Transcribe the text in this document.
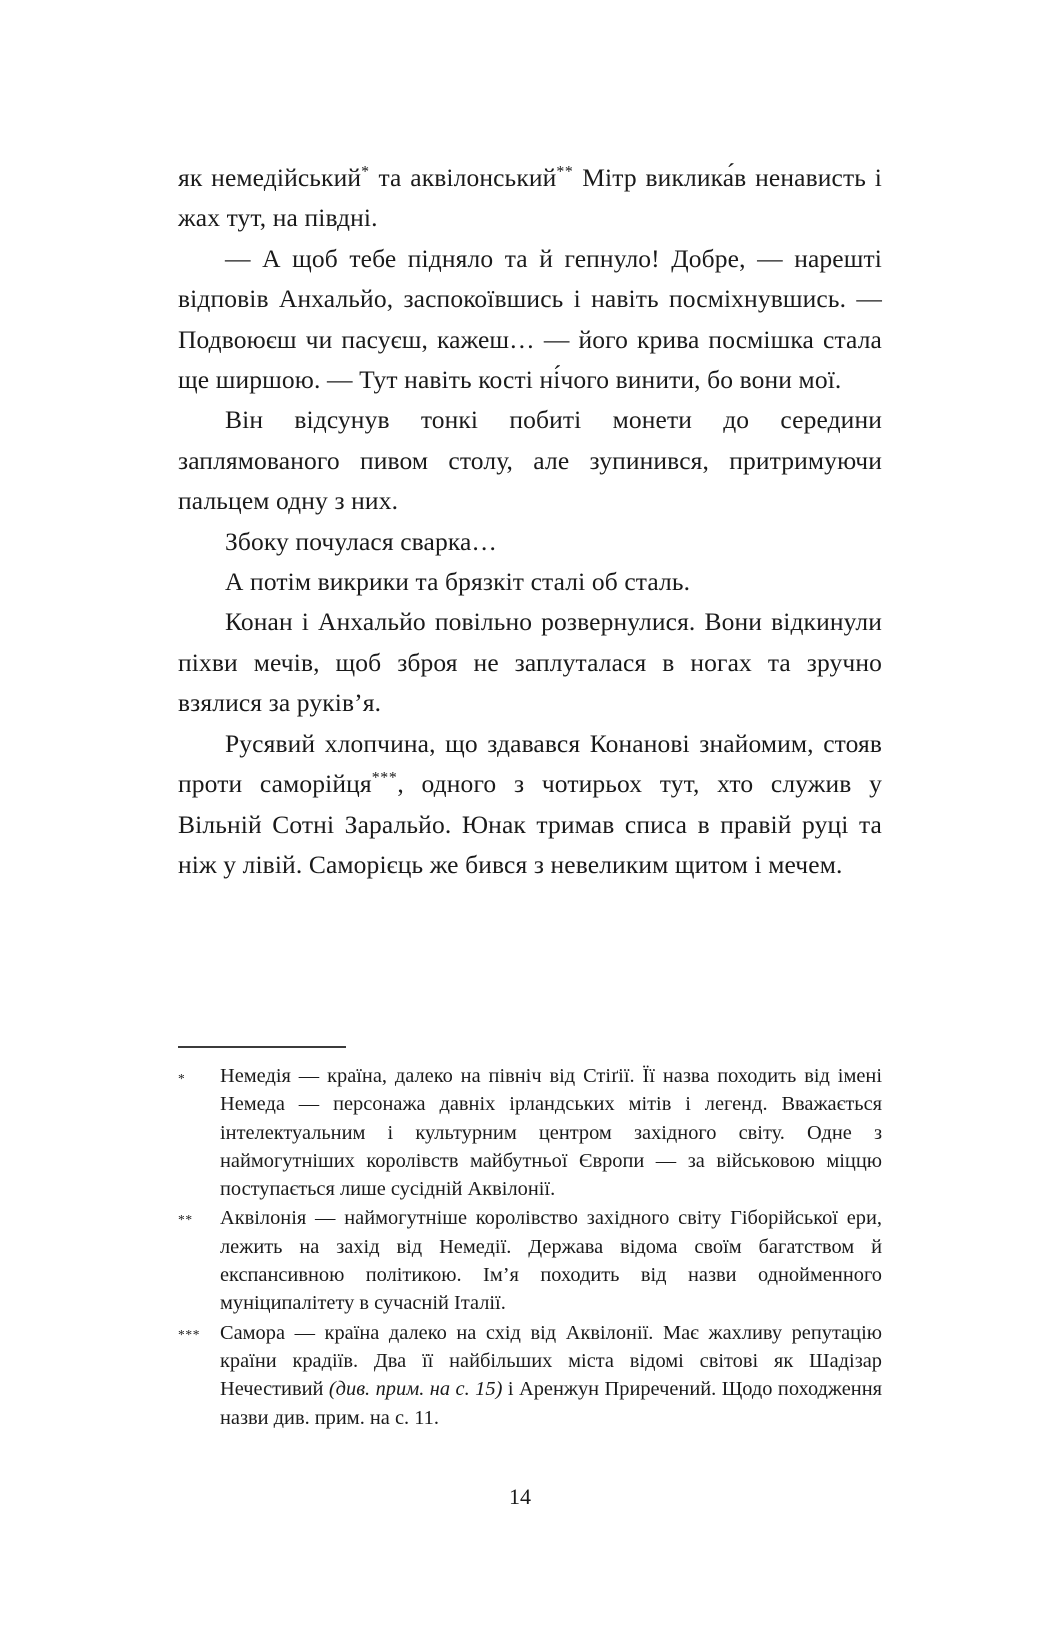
як немедійський* та аквілонський** Мітр виклика́в ненависть і жах тут, на півдні.

— А щоб тебе підняло та й гепнуло! Добре, — нарешті відповів Анхальйо, заспокоївшись і навіть посміхнувшись. — Подвоюєш чи пасуєш, кажеш… — його крива посмішка стала ще ширшою. — Тут навіть кості ні́чого винити, бо вони мої.

Він відсунув тонкі побиті монети до середини заплямованого пивом столу, але зупинився, притримуючи пальцем одну з них.

Збоку почулася сварка…

А потім викрики та брязкіт сталі об сталь.

Конан і Анхальйо повільно розвернулися. Вони відкинули піхви мечів, щоб зброя не заплуталася в ногах та зручно взялися за руків’я.

Русявий хлопчина, що здавався Конанові знайомим, стояв проти саморійця***, одного з чотирьох тут, хто служив у Вільній Сотні Заральйо. Юнак тримав списа в правій руці та ніж у лівій. Саморієць же бився з невеликим щитом і мечем.

*	Немедія — країна, далеко на північ від Стіґії. Її назва походить від імені Немеда — персонажа давніх ірландських мітів і легенд. Вважається інтелектуальним і культурним центром західного світу. Одне з наймогутніших королівств майбутньої Європи — за військовою міццю поступається лише сусідній Аквілонії.
**	Аквілонія — наймогутніше королівство західного світу Гіборійської ери, лежить на захід від Немедії. Держава відома своїм багатством й експансивною політикою. Ім’я походить від назви однойменного муніципалітету в сучасній Італії.
*** Самора — країна далеко на схід від Аквілонії. Має жахливу репутацію країни крадіїв. Два її найбільших міста відомі світові як Шадізар Нечестивий (див. прим. на с. 15) і Аренжун Приречений. Щодо походження назви див. прим. на с. 11.
14
